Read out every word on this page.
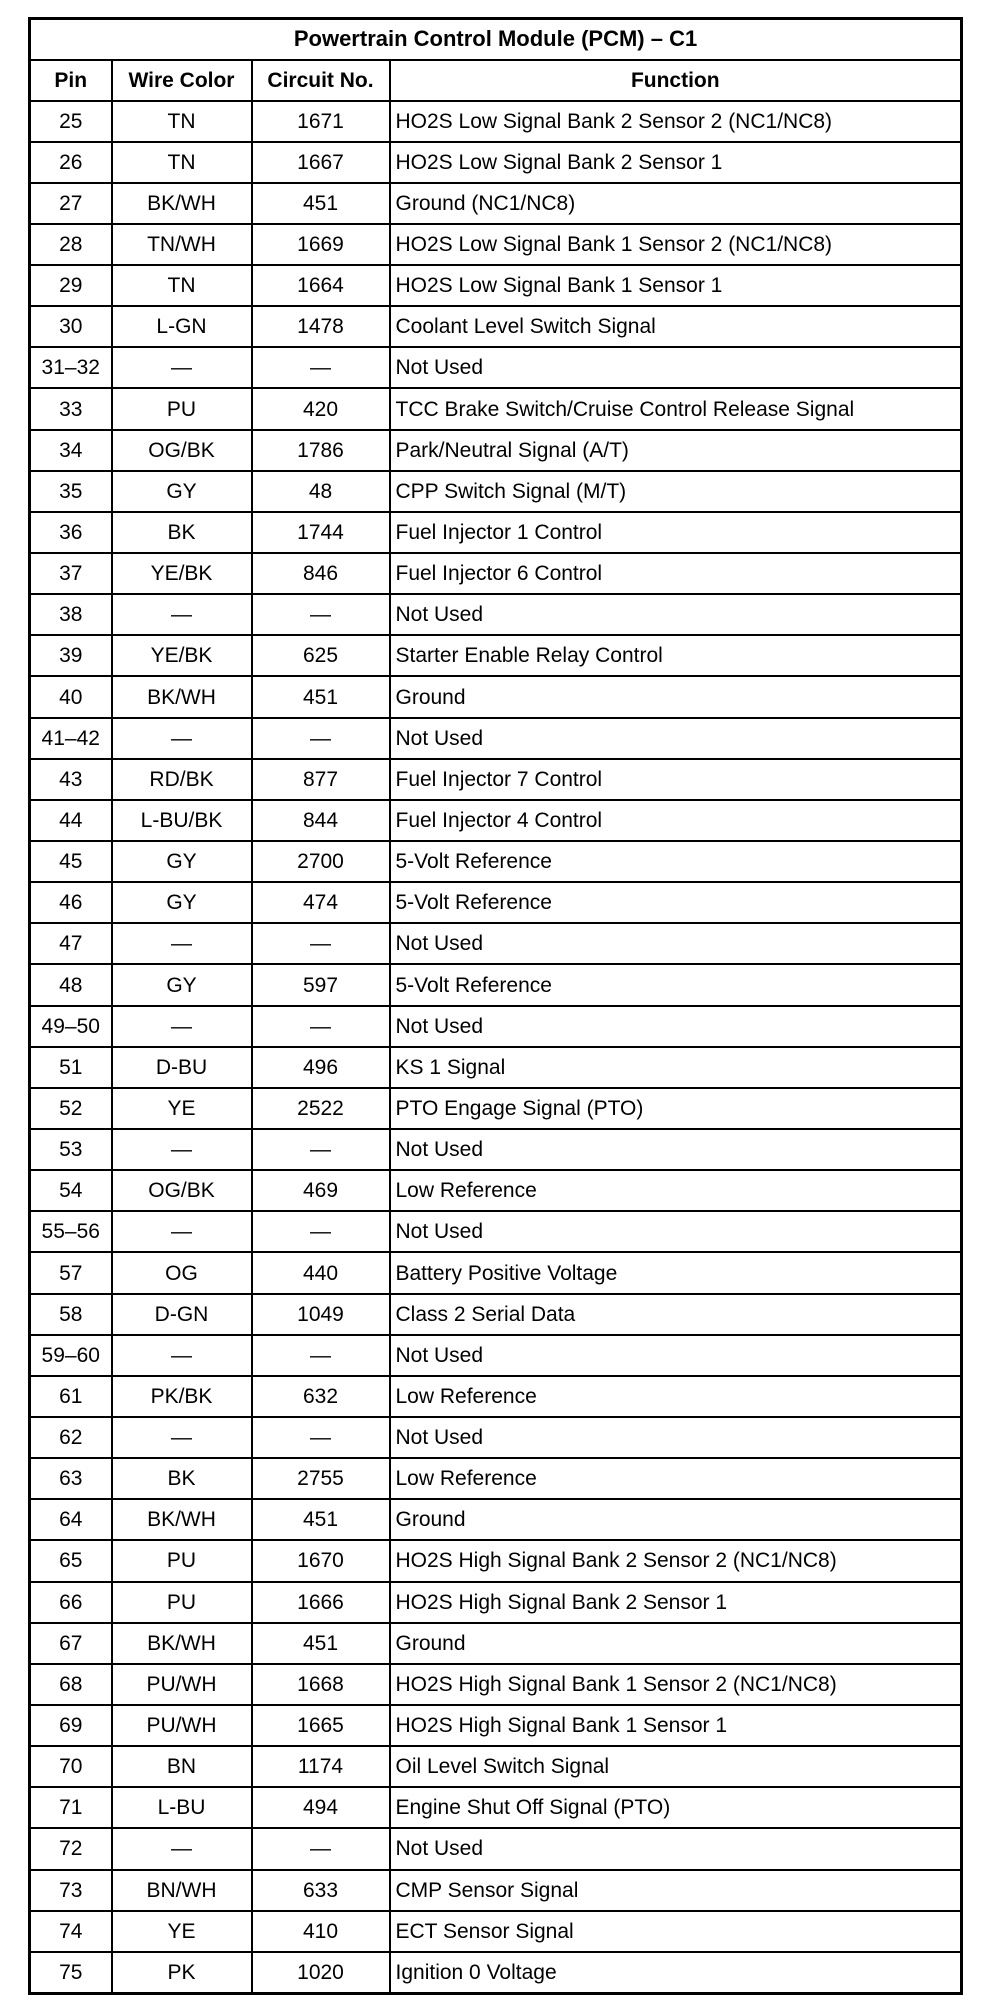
Powertrain Control Module (PCM) – C1			
Pin	Wire Color	Circuit No.	Function
25	TN	1671	HO2S Low Signal Bank 2 Sensor 2 (NC1/NC8)
26	TN	1667	HO2S Low Signal Bank 2 Sensor 1
27	BK/WH	451	Ground (NC1/NC8)
28	TN/WH	1669	HO2S Low Signal Bank 1 Sensor 2 (NC1/NC8)
29	TN	1664	HO2S Low Signal Bank 1 Sensor 1
30	L-GN	1478	Coolant Level Switch Signal
31–32	—	—	Not Used
33	PU	420	TCC Brake Switch/Cruise Control Release Signal
34	OG/BK	1786	Park/Neutral Signal (A/T)
35	GY	48	CPP Switch Signal (M/T)
36	BK	1744	Fuel Injector 1 Control
37	YE/BK	846	Fuel Injector 6 Control
38	—	—	Not Used
39	YE/BK	625	Starter Enable Relay Control
40	BK/WH	451	Ground
41–42	—	—	Not Used
43	RD/BK	877	Fuel Injector 7 Control
44	L-BU/BK	844	Fuel Injector 4 Control
45	GY	2700	5-Volt Reference
46	GY	474	5-Volt Reference
47	—	—	Not Used
48	GY	597	5-Volt Reference
49–50	—	—	Not Used
51	D-BU	496	KS 1 Signal
52	YE	2522	PTO Engage Signal (PTO)
53	—	—	Not Used
54	OG/BK	469	Low Reference
55–56	—	—	Not Used
57	OG	440	Battery Positive Voltage
58	D-GN	1049	Class 2 Serial Data
59–60	—	—	Not Used
61	PK/BK	632	Low Reference
62	—	—	Not Used
63	BK	2755	Low Reference
64	BK/WH	451	Ground
65	PU	1670	HO2S High Signal Bank 2 Sensor 2 (NC1/NC8)
66	PU	1666	HO2S High Signal Bank 2 Sensor 1
67	BK/WH	451	Ground
68	PU/WH	1668	HO2S High Signal Bank 1 Sensor 2 (NC1/NC8)
69	PU/WH	1665	HO2S High Signal Bank 1 Sensor 1
70	BN	1174	Oil Level Switch Signal
71	L-BU	494	Engine Shut Off Signal (PTO)
72	—	—	Not Used
73	BN/WH	633	CMP Sensor Signal
74	YE	410	ECT Sensor Signal
75	PK	1020	Ignition 0 Voltage
